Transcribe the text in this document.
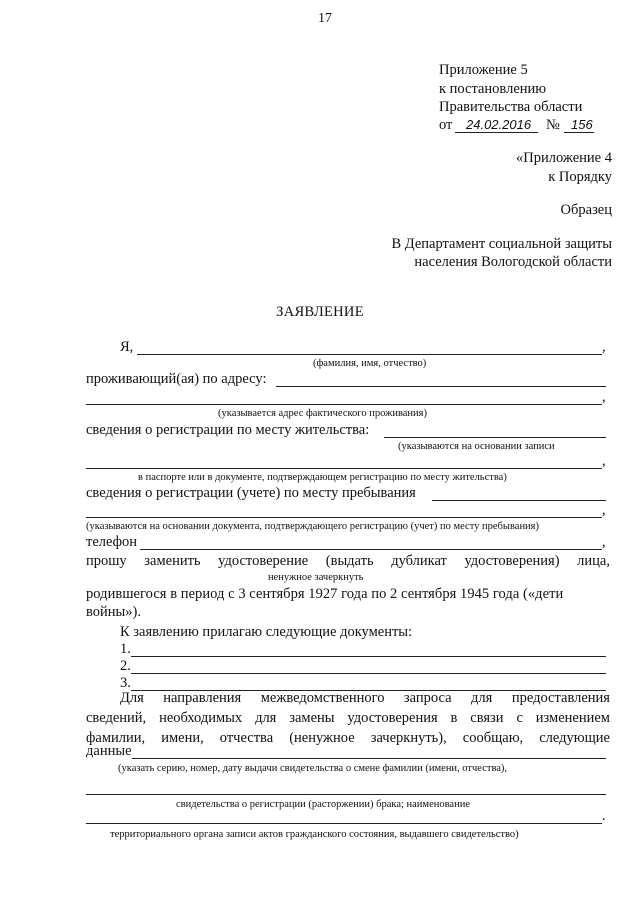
17
Приложение 5
к постановлению
Правительства области
от 24.02.2016 № 156
«Приложение 4
к Порядку
Образец
В Департамент социальной защиты
населения Вологодской области
ЗАЯВЛЕНИЕ
Я,	,
(фамилия, имя, отчество)
проживающий(ая) по адресу:
,
(указывается адрес фактического проживания)
сведения о регистрации по месту жительства:
(указываются на основании записи
,
в паспорте или в документе, подтверждающем регистрацию по месту жительства)
сведения о регистрации (учете) по месту пребывания
,
(указываются на основании документа, подтверждающего регистрацию (учет) по месту пребывания)
телефон	,
прошу заменить удостоверение (выдать дубликат удостоверения) лица,
ненужное зачеркнуть
родившегося в период с 3 сентября 1927 года по 2 сентября 1945 года («дети
войны»).
К заявлению прилагаю следующие документы:
1.
2.
3.
Для направления межведомственного запроса для предоставления
сведений, необходимых для замены удостоверения в связи с изменением
фамилии, имени, отчества (ненужное зачеркнуть), сообщаю, следующие
данные
(указать серию, номер, дату выдачи свидетельства о смене фамилии (имени, отчества),
свидетельства о регистрации (расторжении) брака; наименование
.
территориального органа записи актов гражданского состояния, выдавшего свидетельство)
